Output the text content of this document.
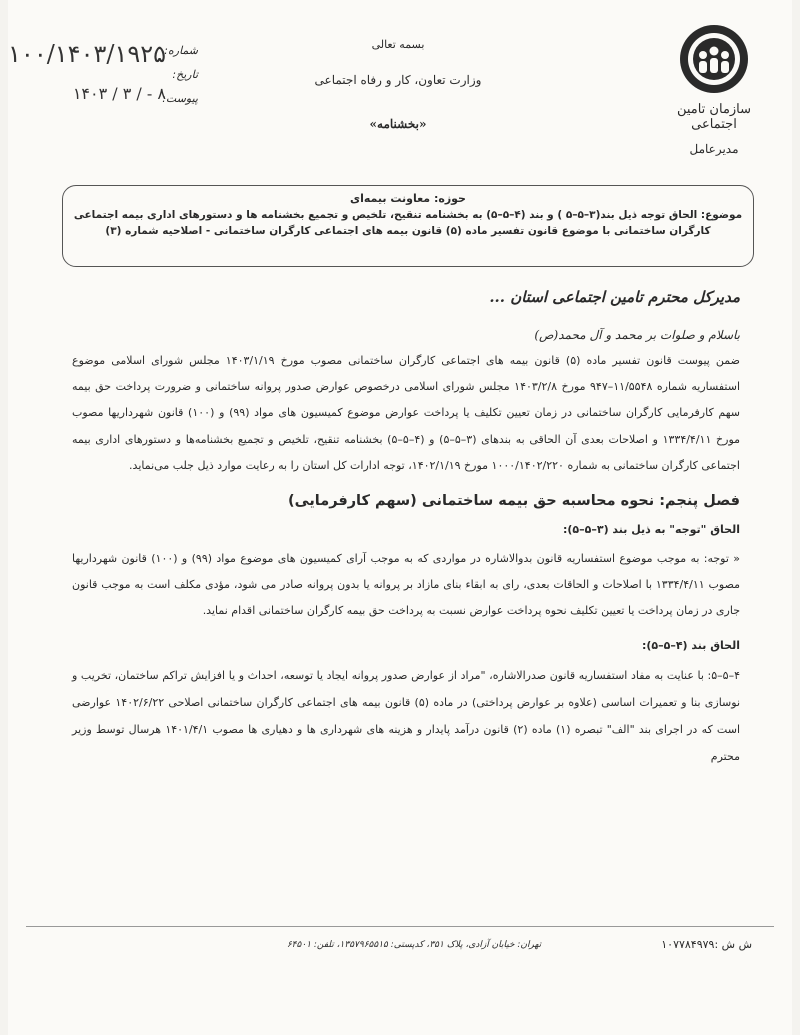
شماره:
تاریخ:
پیوست:
۱۰۰/۱۴۰۳/۱۹۲۵
۱۴۰۳ / ۳ / - ۸
بسمه تعالی
وزارت تعاون، کار و رفاه اجتماعی
«بخشنامه»
سازمان تامین اجتماعی
مدیرعامل
حوزه: معاونت بیمه‌ای
موضوع: الحاق توجه ذیل بند(۳–۵–۵ ) و بند (۴–۵–۵) به بخشنامه تنقیح، تلخیص و تجمیع بخشنامه ها و دستورهای اداری بیمه اجتماعی کارگران ساختمانی با موضوع قانون تفسیر ماده (۵) قانون بیمه های اجتماعی کارگران ساختمانی - اصلاحیه شماره (۳)
مدیرکل محترم تامین اجتماعی استان ...
باسلام و صلوات بر محمد و آل محمد(ص)
ضمن پیوست قانون تفسیر ماده (۵) قانون بیمه های اجتماعی کارگران ساختمانی مصوب مورخ ۱۴۰۳/۱/۱۹ مجلس شورای اسلامی موضوع استفساریه شماره ۱۱/۵۵۴۸–۹۴۷ مورخ ۱۴۰۳/۲/۸ مجلس شورای اسلامی درخصوص عوارض صدور پروانه ساختمانی و ضرورت پرداخت حق بیمه سهم کارفرمایی کارگران ساختمانی در زمان تعیین تکلیف یا پرداخت عوارض موضوع کمیسیون های مواد (۹۹) و (۱۰۰) قانون شهرداریها مصوب مورخ ۱۳۳۴/۴/۱۱ و اصلاحات بعدی آن الحاقی به بندهای (۳–۵–۵) و (۴–۵–۵) بخشنامه تنقیح، تلخیص و تجمیع بخشنامه‌ها و دستورهای اداری بیمه اجتماعی کارگران ساختمانی به شماره ۱۰۰۰/۱۴۰۲/۲۲۰ مورخ ۱۴۰۲/۱/۱۹، توجه ادارات کل استان را به رعایت موارد ذیل جلب می‌نماید.
فصل پنجم: نحوه محاسبه حق بیمه ساختمانی (سهم کارفرمایی)
الحاق "توجه" به ذیل بند (۳–۵–۵):
« توجه: به موجب موضوع استفساریه قانون بدوالاشاره در مواردی که به موجب آرای کمیسیون های موضوع مواد (۹۹) و (۱۰۰) قانون شهرداریها مصوب ۱۳۳۴/۴/۱۱ با اصلاحات و الحاقات بعدی، رای به ابقاء بنای مازاد بر پروانه یا بدون پروانه صادر می شود، مؤدی مکلف است به موجب قانون جاری در زمان پرداخت یا تعیین تکلیف نحوه پرداخت عوارض نسبت به پرداخت حق بیمه کارگران ساختمانی اقدام نماید.
الحاق بند (۴–۵–۵):
۴–۵–۵: با عنایت به مفاد استفساریه قانون صدرالاشاره، "مراد از عوارض صدور پروانه ایجاد یا توسعه، احداث و یا افزایش تراکم ساختمان، تخریب و نوسازی بنا و تعمیرات اساسی (علاوه بر عوارض پرداختی) در ماده (۵) قانون بیمه های اجتماعی کارگران ساختمانی اصلاحی ۱۴۰۲/۶/۲۲ عوارضی است که در اجرای بند "الف" تبصره (۱) ماده (۲) قانون درآمد پایدار و هزینه های شهرداری ها و دهیاری ها مصوب ۱۴۰۱/۴/۱ هرسال توسط وزیر محترم
تهران: خیابان آزادی، پلاک ۳۵۱، کدپستی: ۱۳۵۷۹۶۵۵۱۵، تلفن: ۶۴۵۰۱	ش ش :۱۰۷۷۸۴۹۷۹
